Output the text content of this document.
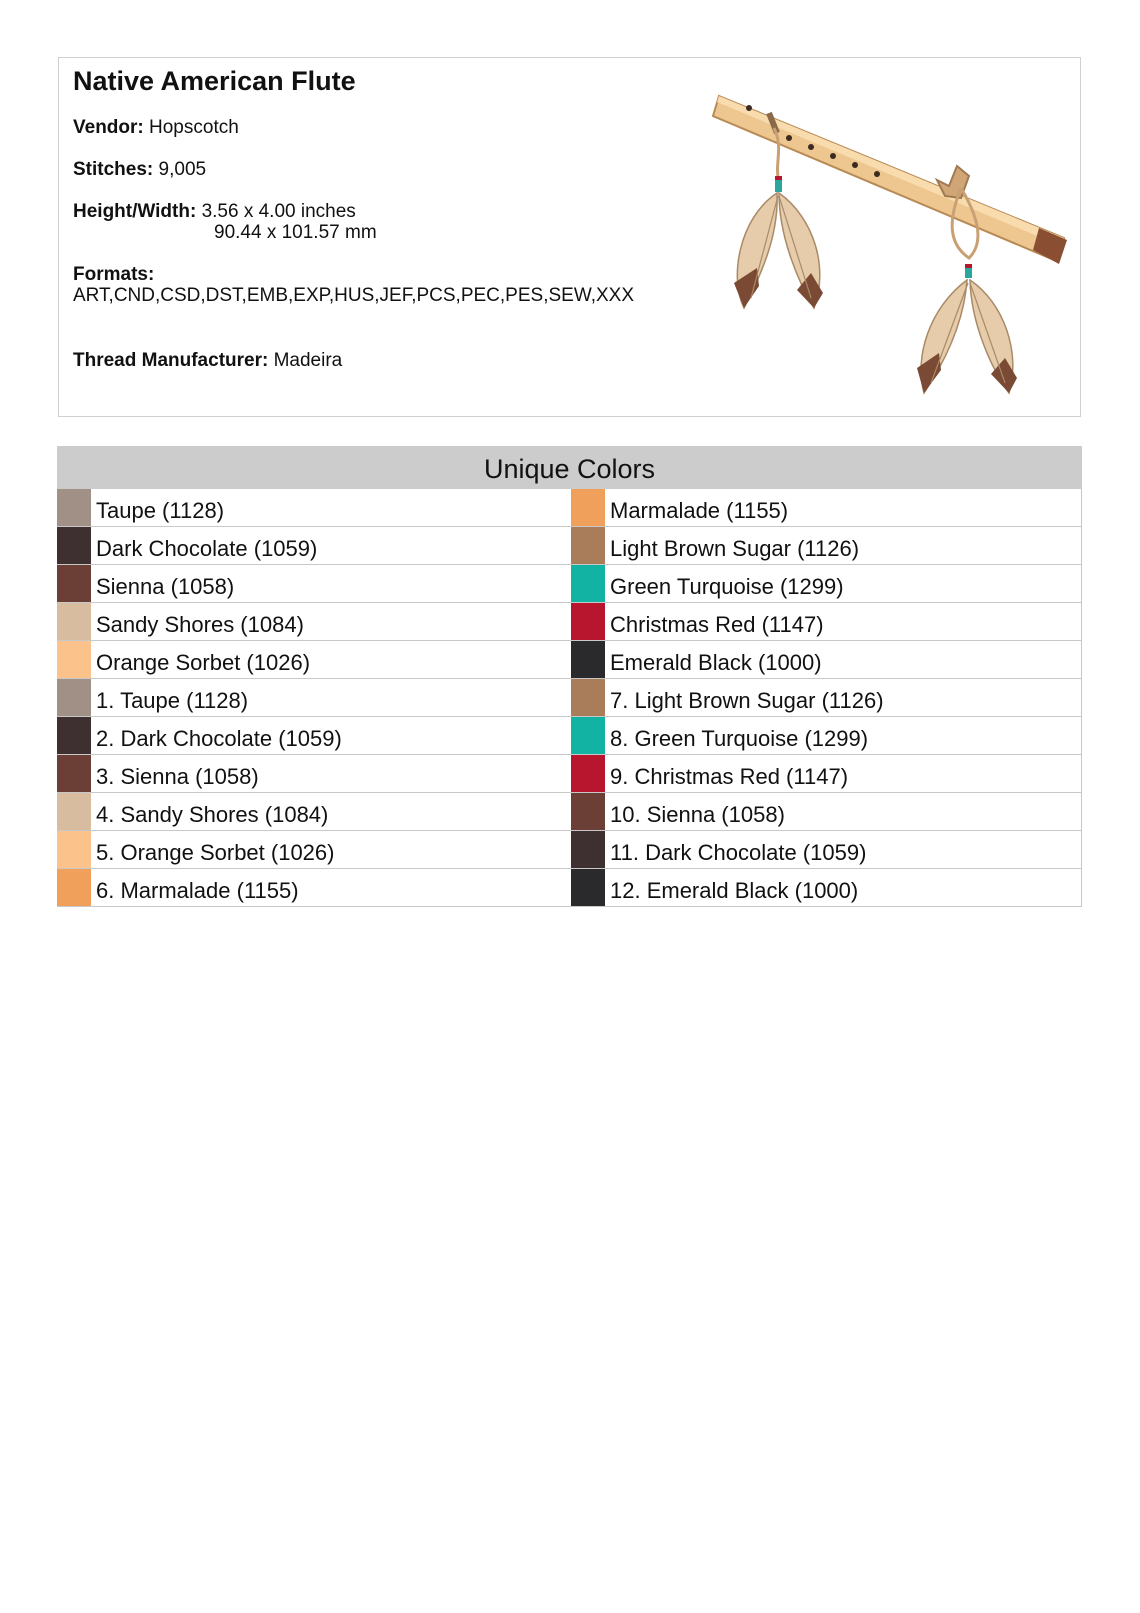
Native American Flute
Vendor: Hopscotch
Stitches: 9,005
Height/Width: 3.56 x 4.00 inches
90.44 x 101.57 mm
Formats:
ART,CND,CSD,DST,EMB,EXP,HUS,JEF,PCS,PEC,PES,SEW,XXX
Thread Manufacturer: Madeira
Unique Colors
Taupe (1128)	Marmalade (1155)
Dark Chocolate (1059)	Light Brown Sugar (1126)
Sienna (1058)	Green Turquoise (1299)
Sandy Shores (1084)	Christmas Red (1147)
Orange Sorbet (1026)	Emerald Black (1000)
1. Taupe (1128)	7. Light Brown Sugar (1126)
2. Dark Chocolate (1059)	8. Green Turquoise (1299)
3. Sienna (1058)	9. Christmas Red (1147)
4. Sandy Shores (1084)	10. Sienna (1058)
5. Orange Sorbet (1026)	11. Dark Chocolate (1059)
6. Marmalade (1155)	12. Emerald Black (1000)
